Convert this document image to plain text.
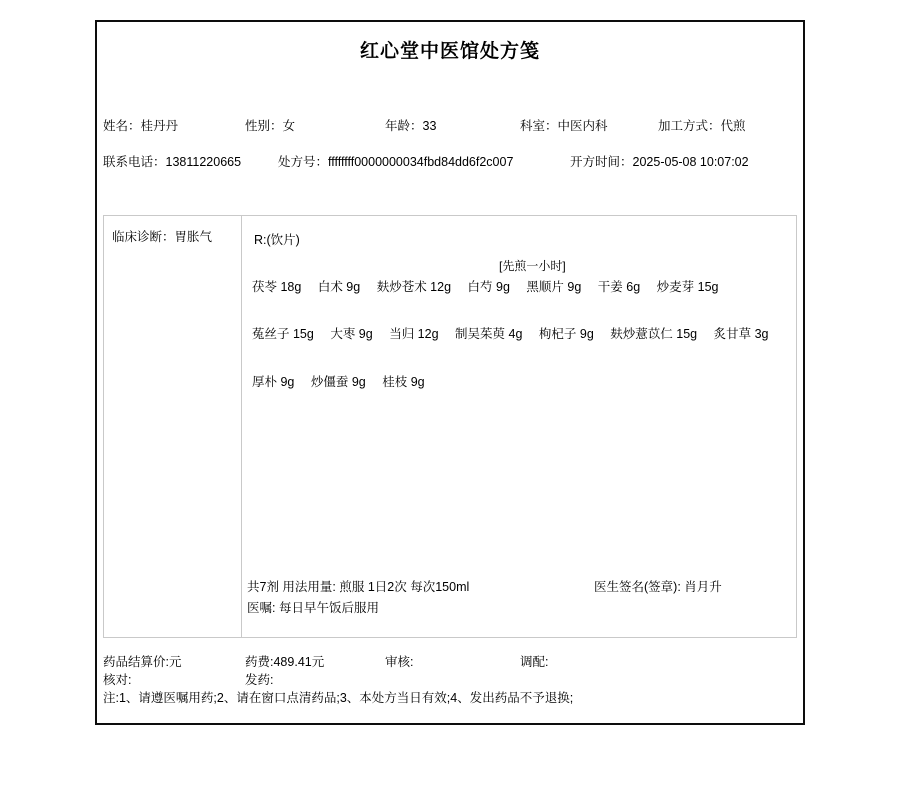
红心堂中医馆处方笺
姓名：桂丹丹	性别：女	年龄：33	科室：中医内科	加工方式：代煎
联系电话：13811220665	处方号：ffffffff0000000034fbd84dd6f2c007	开方时间：2025-05-08 10:07:02
临床诊断：胃胀气	R:(饮片)
[先煎一小时]
茯苓 18g 白术 9g 麸炒苍术 12g 白芍 9g 黑顺片 9g 干姜 6g 炒麦芽 15g
菟丝子 15g 大枣 9g 当归 12g 制吴茱萸 4g 枸杞子 9g 麸炒薏苡仁 15g 炙甘草 3g
厚朴 9g 炒僵蚕 9g 桂枝 9g
共7剂 用法用量: 煎服 1日2次 每次150ml	医生签名(签章): 肖月升
医嘱: 每日早午饭后服用
药品结算价:元	药费:489.41元	审核:	调配:
核对:	发药:
注:1、请遵医嘱用药;2、请在窗口点清药品;3、本处方当日有效;4、发出药品不予退换;
